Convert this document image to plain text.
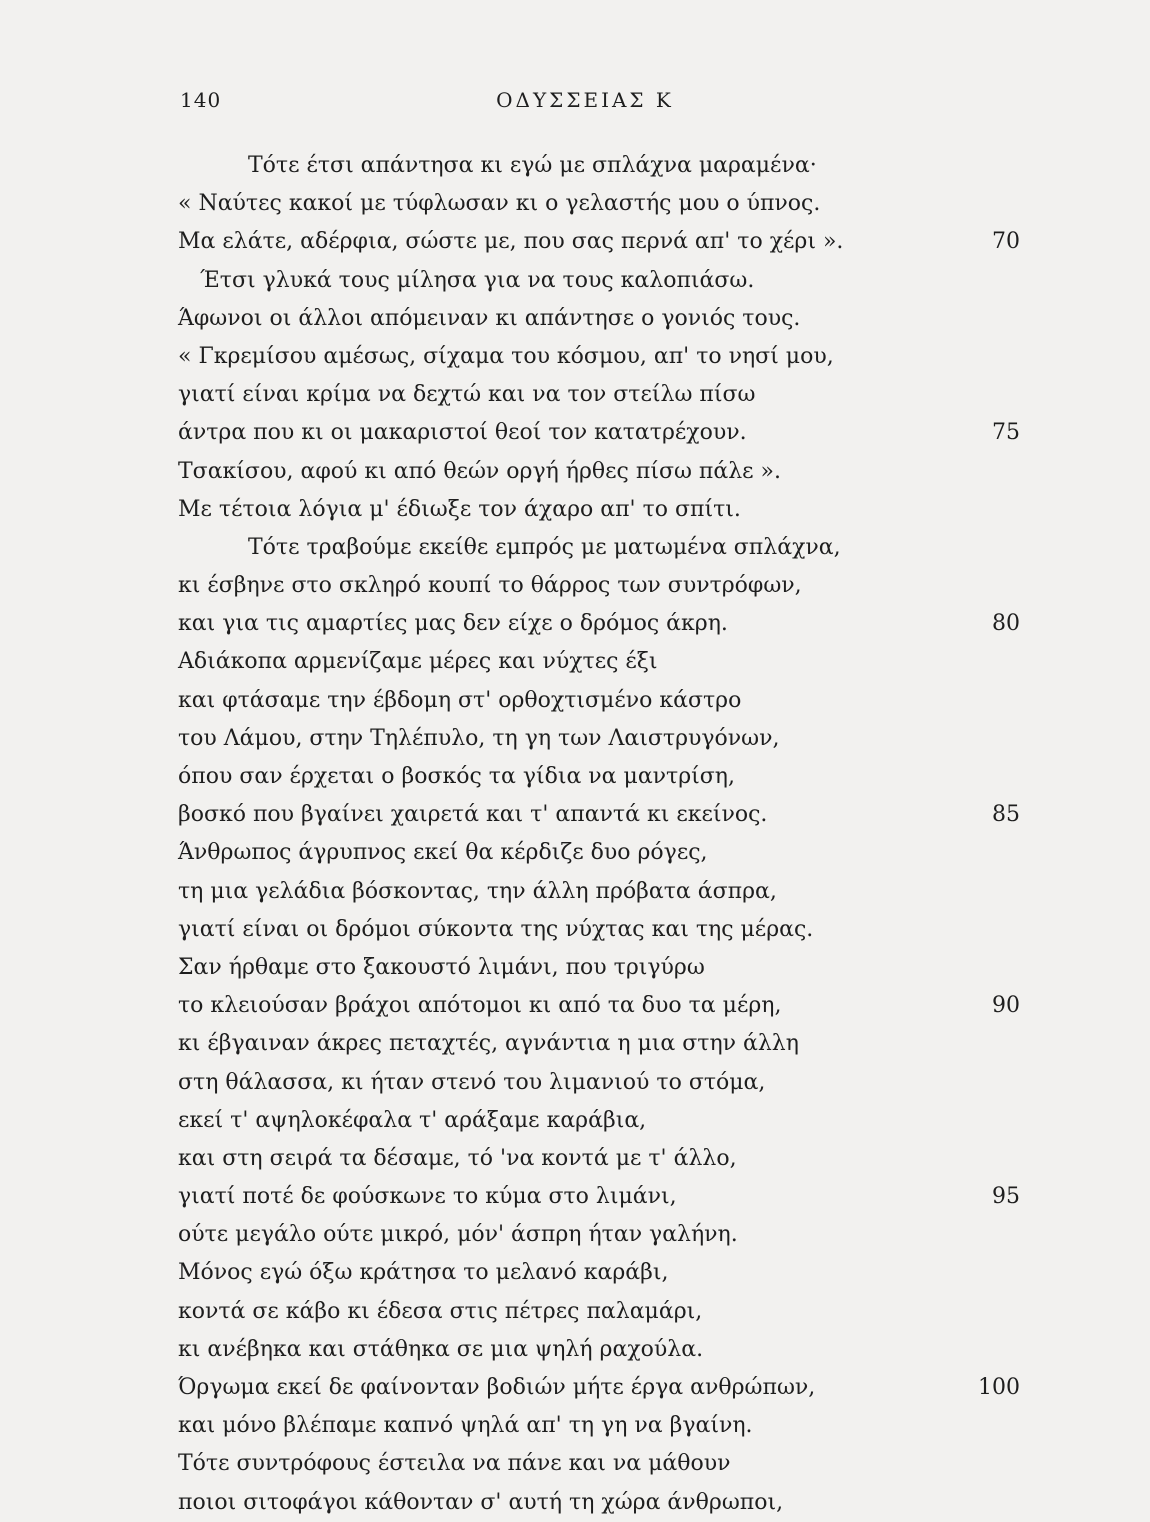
140	ΟΔΥΣΣΕΙΑΣ Κ
Τότε έτσι απάντησα κι εγώ με σπλάχνα μαραμένα·
« Ναύτες κακοί με τύφλωσαν κι ο γελαστής μου ο ύπνος.
Μα ελάτε, αδέρφια, σώστε με, που σας περνά απ' το χέρι ».	70
Έτσι γλυκά τους μίλησα για να τους καλοπιάσω.
Άφωνοι οι άλλοι απόμειναν κι απάντησε ο γονιός τους.
« Γκρεμίσου αμέσως, σίχαμα του κόσμου, απ' το νησί μου,
γιατί είναι κρίμα να δεχτώ και να τον στείλω πίσω
άντρα που κι οι μακαριστοί θεοί τον κατατρέχουν.	75
Τσακίσου, αφού κι από θεών οργή ήρθες πίσω πάλε ».
Με τέτοια λόγια μ' έδιωξε τον άχαρο απ' το σπίτι.
Τότε τραβούμε εκείθε εμπρός με ματωμένα σπλάχνα,
κι έσβηνε στο σκληρό κουπί το θάρρος των συντρόφων,
και για τις αμαρτίες μας δεν είχε ο δρόμος άκρη.	80
Αδιάκοπα αρμενίζαμε μέρες και νύχτες έξι
και φτάσαμε την έβδομη στ' ορθοχτισμένο κάστρο
του Λάμου, στην Τηλέπυλο, τη γη των Λαιστρυγόνων,
όπου σαν έρχεται ο βοσκός τα γίδια να μαντρίση,
βοσκό που βγαίνει χαιρετά και τ' απαντά κι εκείνος.	85
Άνθρωπος άγρυπνος εκεί θα κέρδιζε δυο ρόγες,
τη μια γελάδια βόσκοντας, την άλλη πρόβατα άσπρα,
γιατί είναι οι δρόμοι σύκοντα της νύχτας και της μέρας.
Σαν ήρθαμε στο ξακουστό λιμάνι, που τριγύρω
το κλειούσαν βράχοι απότομοι κι από τα δυο τα μέρη,	90
κι έβγαιναν άκρες πεταχτές, αγνάντια η μια στην άλλη
στη θάλασσα, κι ήταν στενό του λιμανιού το στόμα,
εκεί τ' αψηλοκέφαλα τ' αράξαμε καράβια,
και στη σειρά τα δέσαμε, τό 'να κοντά με τ' άλλο,
γιατί ποτέ δε φούσκωνε το κύμα στο λιμάνι,	95
ούτε μεγάλο ούτε μικρό, μόν' άσπρη ήταν γαλήνη.
Μόνος εγώ όξω κράτησα το μελανό καράβι,
κοντά σε κάβο κι έδεσα στις πέτρες παλαμάρι,
κι ανέβηκα και στάθηκα σε μια ψηλή ραχούλα.
Όργωμα εκεί δε φαίνονταν βοδιών μήτε έργα ανθρώπων,	100
και μόνο βλέπαμε καπνό ψηλά απ' τη γη να βγαίνη.
Τότε συντρόφους έστειλα να πάνε και να μάθουν
ποιοι σιτοφάγοι κάθονταν σ' αυτή τη χώρα άνθρωποι,
